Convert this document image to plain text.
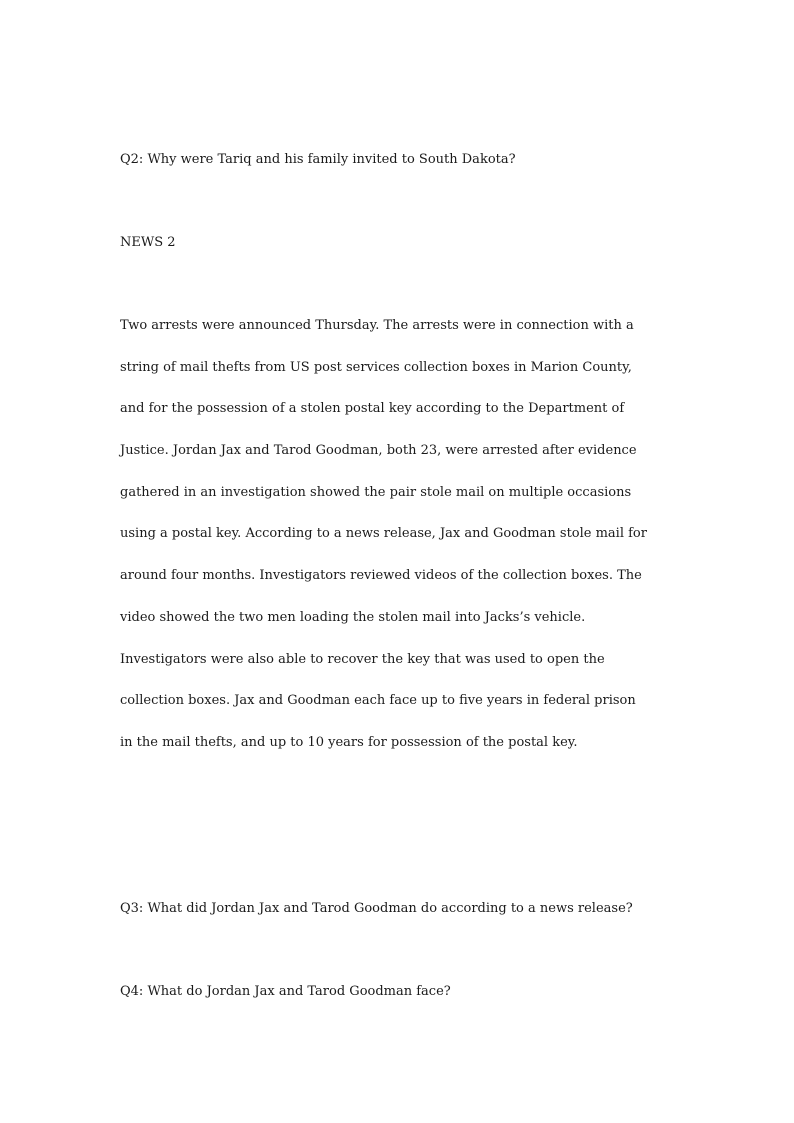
Q2: Why were Tariq and his family invited to South Dakota?

NEWS 2

Two arrests were announced Thursday. The arrests were in connection with a
string of mail thefts from US post services collection boxes in Marion County,
and for the possession of a stolen postal key according to the Department of
Justice. Jordan Jax and Tarod Goodman, both 23, were arrested after evidence
gathered in an investigation showed the pair stole mail on multiple occasions
using a postal key. According to a news release, Jax and Goodman stole mail for
around four months. Investigators reviewed videos of the collection boxes. The
video showed the two men loading the stolen mail into Jacks’s vehicle.
Investigators were also able to recover the key that was used to open the
collection boxes. Jax and Goodman each face up to five years in federal prison
in the mail thefts, and up to 10 years for possession of the postal key.

Q3: What did Jordan Jax and Tarod Goodman do according to a news release?

Q4: What do Jordan Jax and Tarod Goodman face?
